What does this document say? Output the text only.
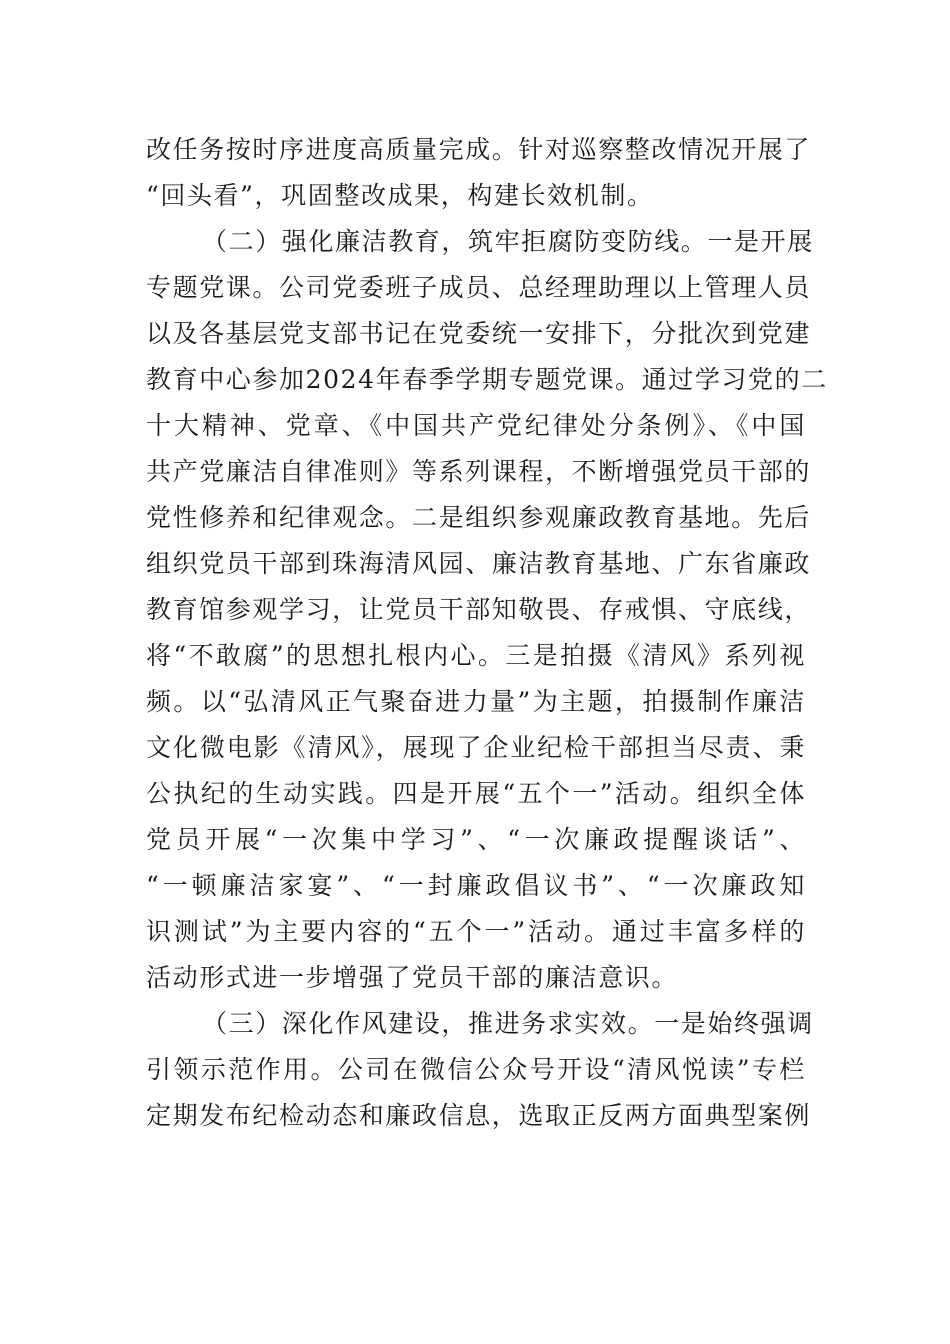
改任务按时序进度高质量完成。针对巡察整改情况开展了
“回头看”，巩固整改成果，构建长效机制。
（二）强化廉洁教育，筑牢拒腐防变防线。一是开展
专题党课。公司党委班子成员、总经理助理以上管理人员
以及各基层党支部书记在党委统一安排下，分批次到党建
教育中心参加2024年春季学期专题党课。通过学习党的二
十大精神、党章、《中国共产党纪律处分条例》、《中国
共产党廉洁自律准则》等系列课程，不断增强党员干部的
党性修养和纪律观念。二是组织参观廉政教育基地。先后
组织党员干部到珠海清风园、廉洁教育基地、广东省廉政
教育馆参观学习，让党员干部知敬畏、存戒惧、守底线，
将“不敢腐”的思想扎根内心。三是拍摄《清风》系列视
频。以“弘清风正气聚奋进力量”为主题，拍摄制作廉洁
文化微电影《清风》，展现了企业纪检干部担当尽责、秉
公执纪的生动实践。四是开展“五个一”活动。组织全体
党员开展“一次集中学习”、“一次廉政提醒谈话”、
“一顿廉洁家宴”、“一封廉政倡议书”、“一次廉政知
识测试”为主要内容的“五个一”活动。通过丰富多样的
活动形式进一步增强了党员干部的廉洁意识。
（三）深化作风建设，推进务求实效。一是始终强调
引领示范作用。公司在微信公众号开设“清风悦读”专栏
定期发布纪检动态和廉政信息，选取正反两方面典型案例
